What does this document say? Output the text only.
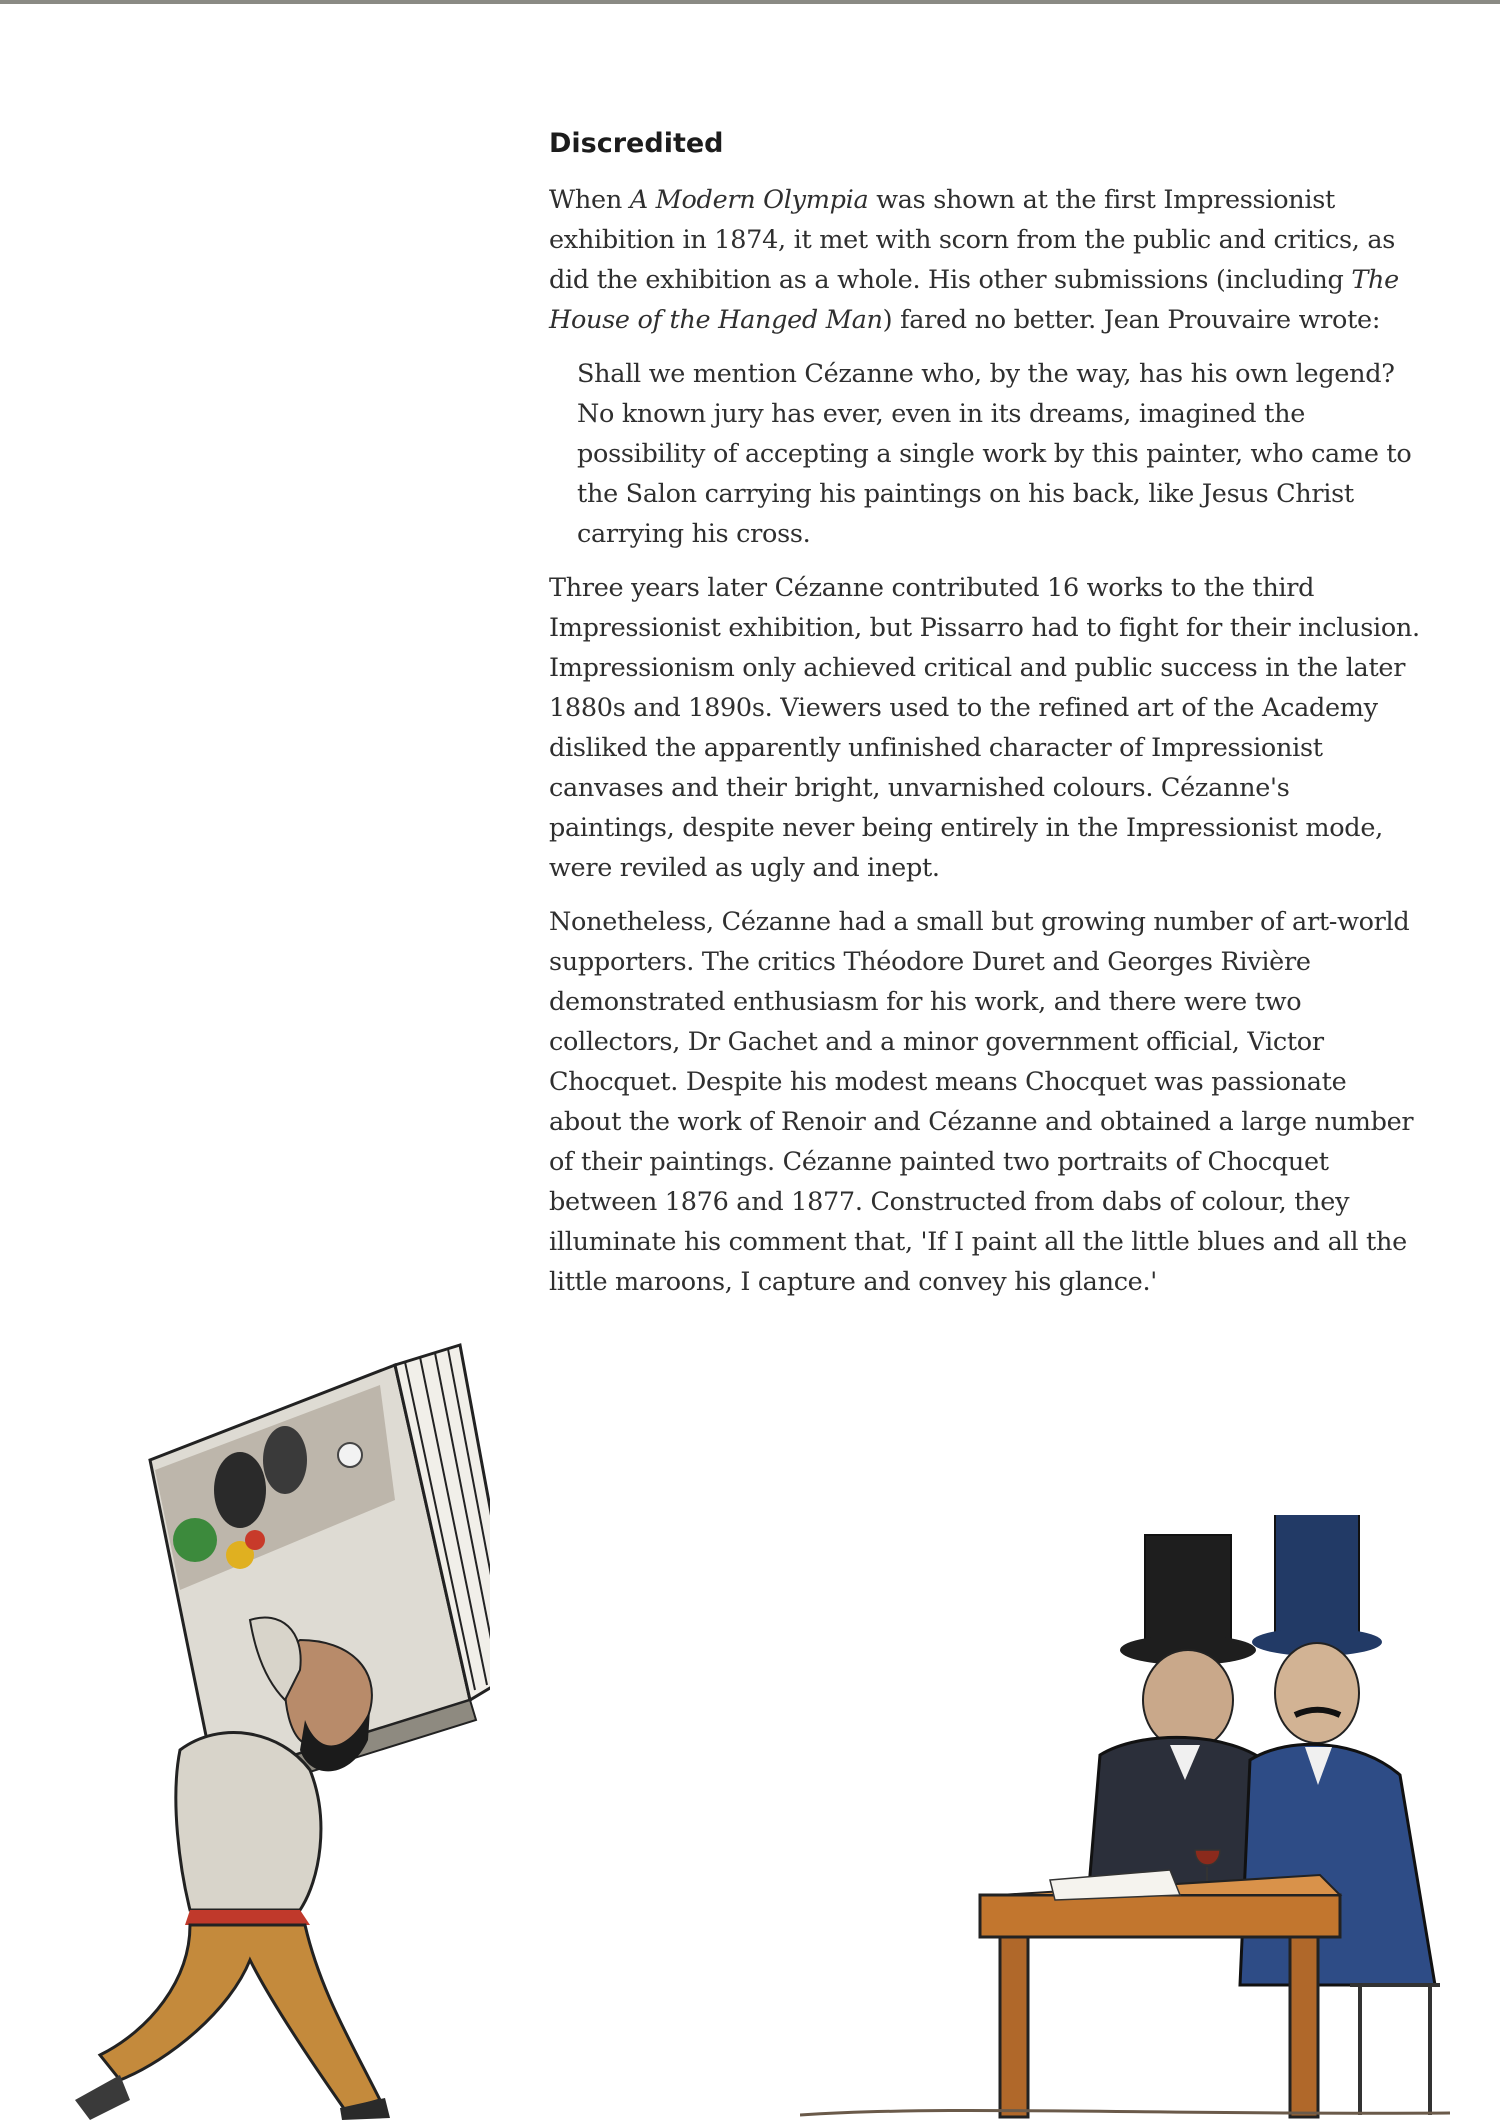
Discredited

When A Modern Olympia was shown at the first Impressionist exhibition in 1874, it met with scorn from the public and critics, as did the exhibition as a whole. His other submissions (including The House of the Hanged Man) fared no better. Jean Prouvaire wrote:

Shall we mention Cézanne who, by the way, has his own legend? No known jury has ever, even in its dreams, imagined the possibility of accepting a single work by this painter, who came to the Salon carrying his paintings on his back, like Jesus Christ carrying his cross.

Three years later Cézanne contributed 16 works to the third Impressionist exhibition, but Pissarro had to fight for their inclusion. Impressionism only achieved critical and public success in the later 1880s and 1890s. Viewers used to the refined art of the Academy disliked the apparently unfinished character of Impressionist canvases and their bright, unvarnished colours. Cézanne's paintings, despite never being entirely in the Impressionist mode, were reviled as ugly and inept.

Nonetheless, Cézanne had a small but growing number of art-world supporters. The critics Théodore Duret and Georges Rivière demonstrated enthusiasm for his work, and there were two collectors, Dr Gachet and a minor government official, Victor Chocquet. Despite his modest means Chocquet was passionate about the work of Renoir and Cézanne and obtained a large number of their paintings. Cézanne painted two portraits of Chocquet between 1876 and 1877. Constructed from dabs of colour, they illuminate his comment that, 'If I paint all the little blues and all the little maroons, I capture and convey his glance.'
